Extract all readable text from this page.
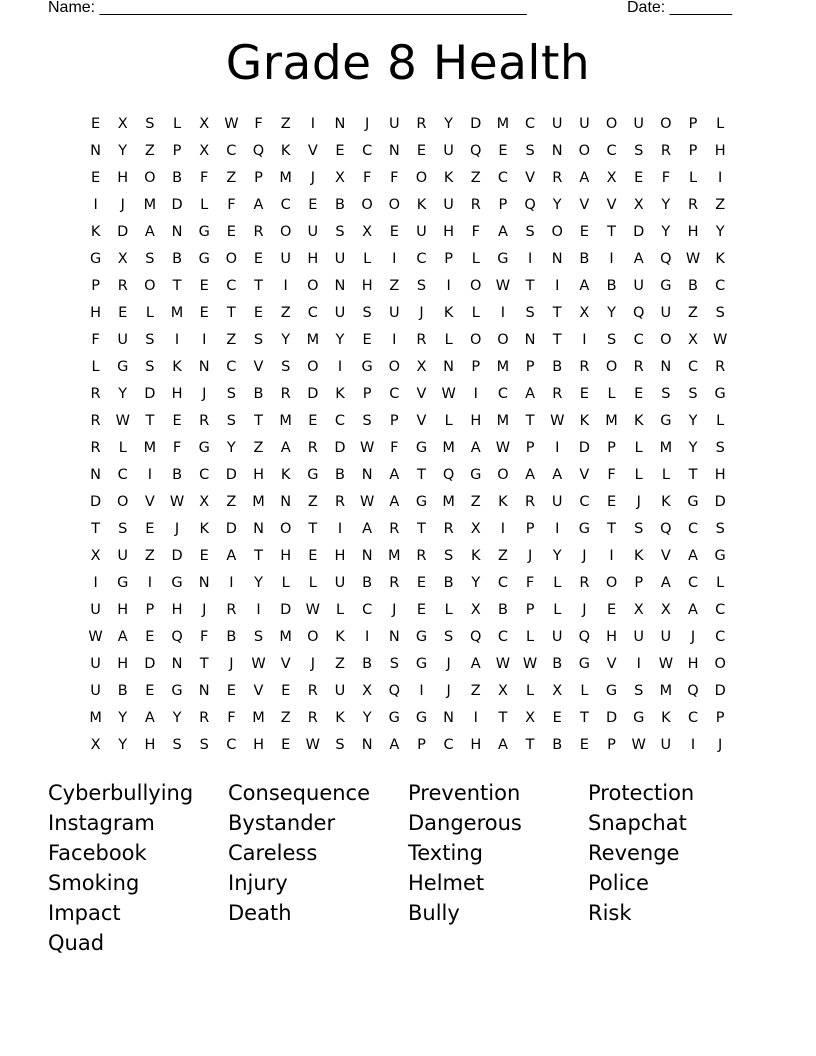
Name: ________________________________________________	Date: _______
Grade 8 Health
E	X	S	L	X	W	F	Z	I	N	J	U	R	Y	D	M	C	U	U	O	U	O	P	L
N	Y	Z	P	X	C	Q	K	V	E	C	N	E	U	Q	E	S	N	O	C	S	R	P	H
E	H	O	B	F	Z	P	M	J	X	F	F	O	K	Z	C	V	R	A	X	E	F	L	I
I	J	M	D	L	F	A	C	E	B	O	O	K	U	R	P	Q	Y	V	V	X	Y	R	Z
K	D	A	N	G	E	R	O	U	S	X	E	U	H	F	A	S	O	E	T	D	Y	H	Y
G	X	S	B	G	O	E	U	H	U	L	I	C	P	L	G	I	N	B	I	A	Q W	K
P	R	O	T	E	C	T	I	O	N	H	Z	S	I	O W	T	I	A	B	U	G	B	C
H	E	L	M	E	T	E	Z	C	U	S	U	J	K	L	I	S	T	X	Y	Q	U	Z	S
F	U	S	I	I	Z	S	Y	M	Y	E	I	R	L	O	O	N	T	I	S	C	O	X	W
L	G	S	K	N	C	V	S	O	I	G	O	X	N	P	M	P	B	R	O	R	N	C	R
R	Y	D	H	J	S	B	R	D	K	P	C	V	W	I	C	A	R	E	L	E	S	S	G
R	W	T	E	R	S	T	M	E	C	S	P	V	L	H	M	T	W	K	M	K	G	Y	L
R	L	M	F	G	Y	Z	A	R	D W	F	G	M	A	W	P	I	D	P	L	M	Y	S
N	C	I	B	C	D	H	K	G	B	N	A	T	Q	G	O	A	A	V	F	L	L	T	H
D	O	V	W	X	Z	M	N	Z	R	W	A	G	M	Z	K	R	U	C	E	J	K	G	D
T	S	E	J	K	D	N	O	T	I	A	R	T	R	X	I	P	I	G	T	S	Q	C	S
X	U	Z	D	E	A	T	H	E	H	N	M	R	S	K	Z	J	Y	J	I	K	V	A	G
I	G	I	G	N	I	Y	L	L	U	B	R	E	B	Y	C	F	L	R	O	P	A	C	L
U	H	P	H	J	R	I	D W	L	C	J	E	L	X	B	P	L	J	E	X	X	A	C
W	A	E	Q	F	B	S	M	O	K	I	N	G	S	Q	C	L	U	Q	H	U	U	J	C
U	H	D	N	T	J	W	V	J	Z	B	S	G	J	A	W W	B	G	V	I	W	H	O
U	B	E	G	N	E	V	E	R	U	X	Q	I	J	Z	X	L	X	L	G	S	M	Q	D
M	Y	A	Y	R	F	M	Z	R	K	Y	G	G	N	I	T	X	E	T	D	G	K	C	P
X	Y	H	S	S	C	H	E	W	S	N	A	P	C	H	A	T	B	E	P	W	U	I	J
Cyberbullying	Consequence	Prevention	Protection
Instagram	Bystander	Dangerous	Snapchat
Facebook	Careless	Texting	Revenge
Smoking	Injury	Helmet	Police
Impact	Death	Bully	Risk
Quad
